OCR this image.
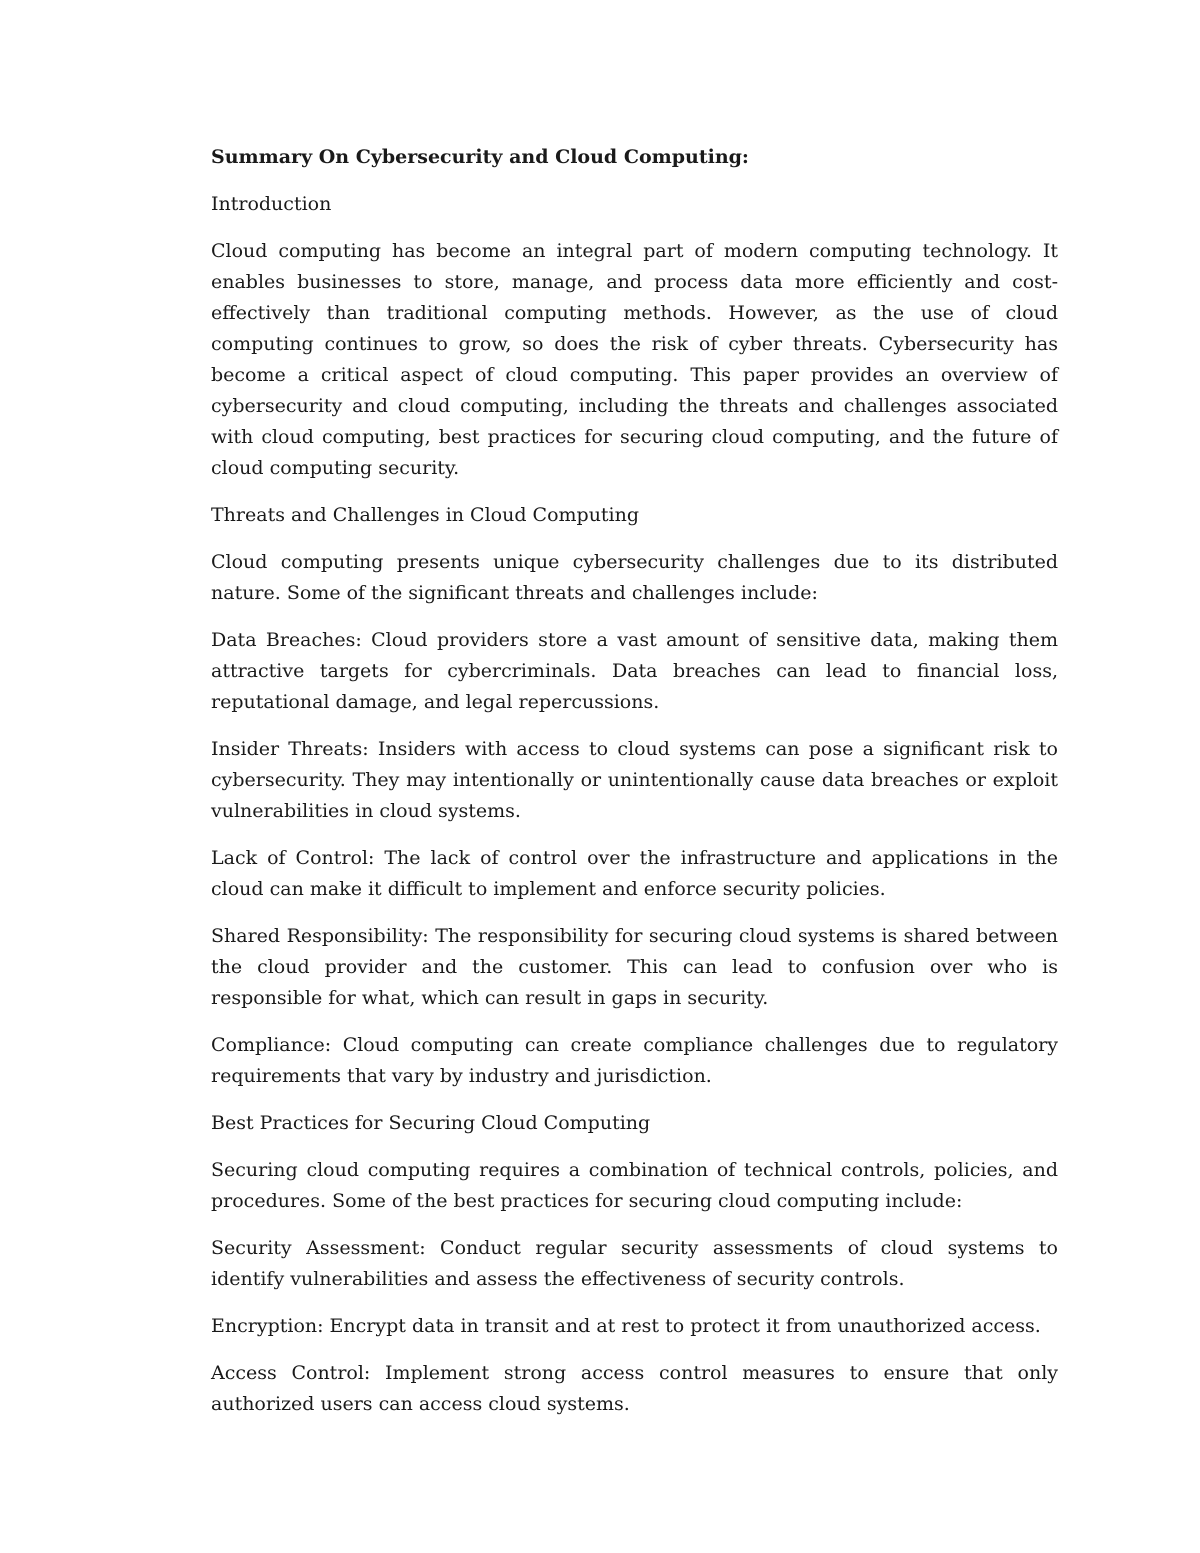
Summary On Cybersecurity and Cloud Computing:

Introduction

Cloud computing has become an integral part of modern computing technology. It enables businesses to store, manage, and process data more efficiently and cost-effectively than traditional computing methods. However, as the use of cloud computing continues to grow, so does the risk of cyber threats. Cybersecurity has become a critical aspect of cloud computing. This paper provides an overview of cybersecurity and cloud computing, including the threats and challenges associated with cloud computing, best practices for securing cloud computing, and the future of cloud computing security.

Threats and Challenges in Cloud Computing

Cloud computing presents unique cybersecurity challenges due to its distributed nature. Some of the significant threats and challenges include:

Data Breaches: Cloud providers store a vast amount of sensitive data, making them attractive targets for cybercriminals. Data breaches can lead to financial loss, reputational damage, and legal repercussions.

Insider Threats: Insiders with access to cloud systems can pose a significant risk to cybersecurity. They may intentionally or unintentionally cause data breaches or exploit vulnerabilities in cloud systems.

Lack of Control: The lack of control over the infrastructure and applications in the cloud can make it difficult to implement and enforce security policies.

Shared Responsibility: The responsibility for securing cloud systems is shared between the cloud provider and the customer. This can lead to confusion over who is responsible for what, which can result in gaps in security.

Compliance: Cloud computing can create compliance challenges due to regulatory requirements that vary by industry and jurisdiction.

Best Practices for Securing Cloud Computing

Securing cloud computing requires a combination of technical controls, policies, and procedures. Some of the best practices for securing cloud computing include:

Security Assessment: Conduct regular security assessments of cloud systems to identify vulnerabilities and assess the effectiveness of security controls.

Encryption: Encrypt data in transit and at rest to protect it from unauthorized access.

Access Control: Implement strong access control measures to ensure that only authorized users can access cloud systems.
